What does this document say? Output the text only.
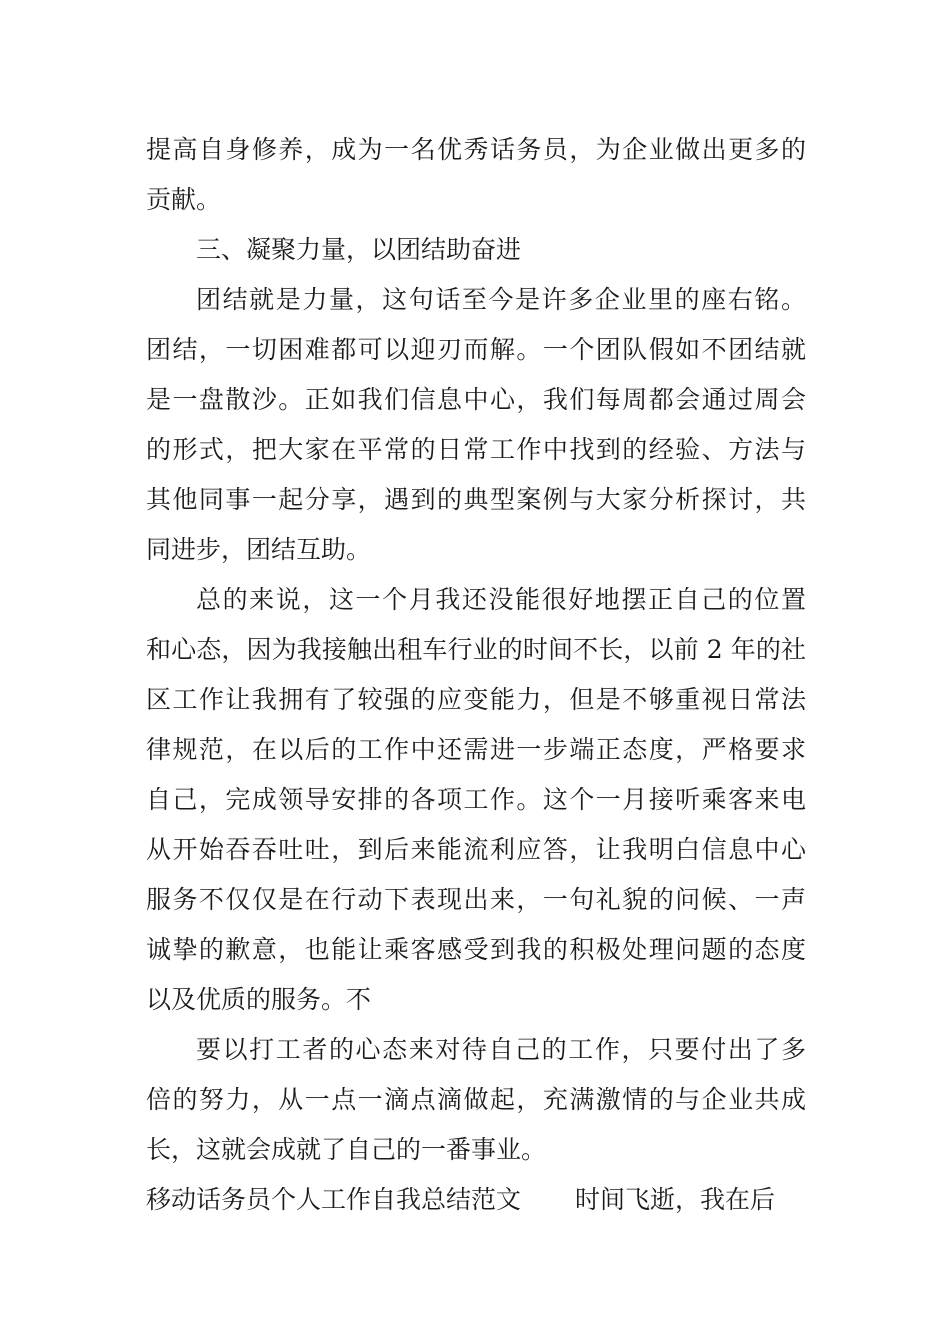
提高自身修养，成为一名优秀话务员，为企业做出更多的
贡献。
三、凝聚力量，以团结助奋进
团结就是力量，这句话至今是许多企业里的座右铭。
团结，一切困难都可以迎刃而解。一个团队假如不团结就
是一盘散沙。正如我们信息中心，我们每周都会通过周会
的形式，把大家在平常的日常工作中找到的经验、方法与
其他同事一起分享，遇到的典型案例与大家分析探讨，共
同进步，团结互助。
总的来说，这一个月我还没能很好地摆正自己的位置
和心态，因为我接触出租车行业的时间不长，以前 2 年的社
区工作让我拥有了较强的应变能力，但是不够重视日常法
律规范，在以后的工作中还需进一步端正态度，严格要求
自己，完成领导安排的各项工作。这个一月接听乘客来电
从开始吞吞吐吐，到后来能流利应答，让我明白信息中心
服务不仅仅是在行动下表现出来，一句礼貌的问候、一声
诚挚的歉意，也能让乘客感受到我的积极处理问题的态度
以及优质的服务。不
要以打工者的心态来对待自己的工作，只要付出了多
倍的努力，从一点一滴点滴做起，充满激情的与企业共成
长，这就会成就了自己的一番事业。
移动话务员个人工作自我总结范文 时间飞逝，我在后
